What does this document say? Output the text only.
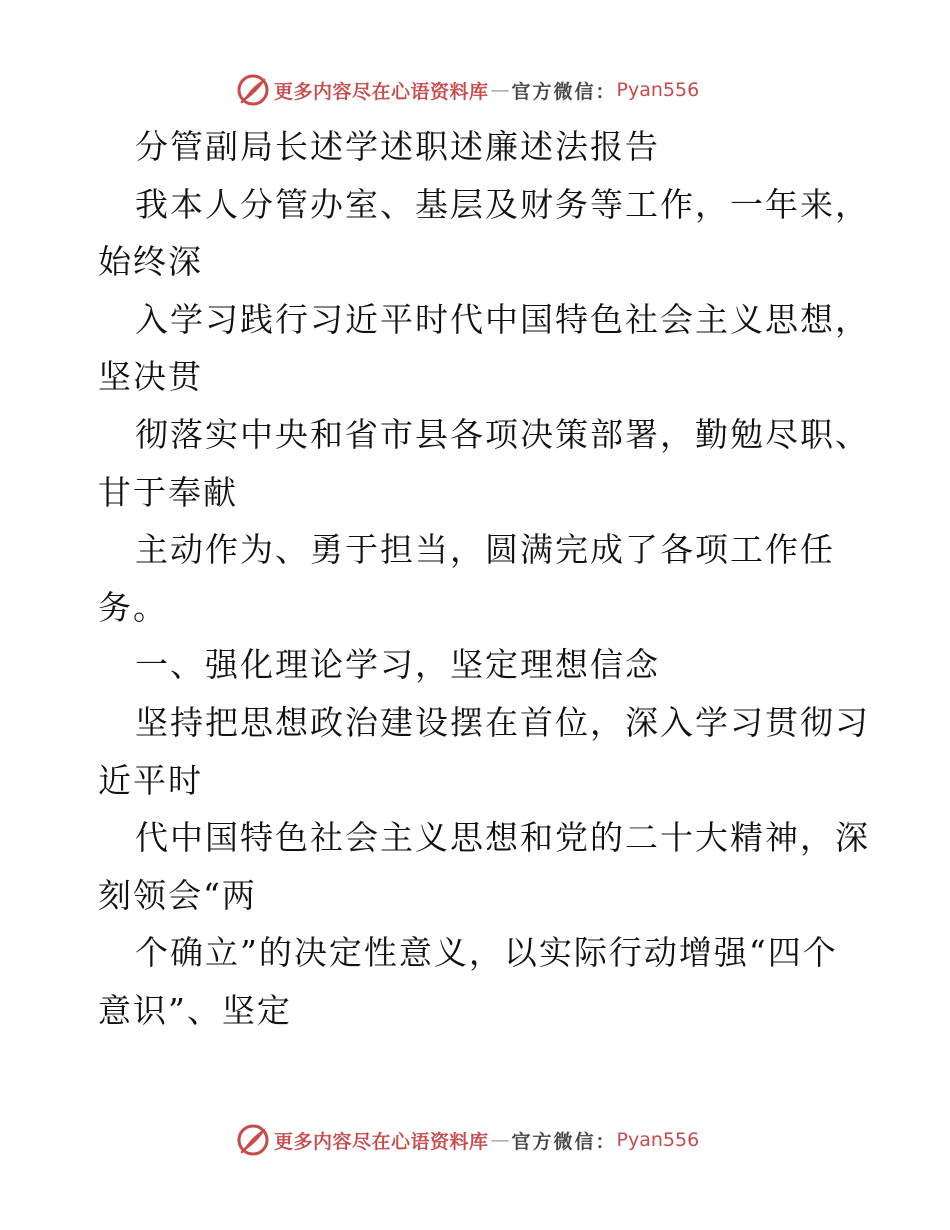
更多内容尽在心语资料库 — 官方微信： Pyan556
分管副局长述学述职述廉述法报告
我本人分管办室、基层及财务等工作，一年来，
始终深
入学习践行习近平时代中国特色社会主义思想，
坚决贯
彻落实中央和省市县各项决策部署，勤勉尽职、
甘于奉献
主动作为、勇于担当，圆满完成了各项工作任
务。
一、强化理论学习，坚定理想信念
坚持把思想政治建设摆在首位，深入学习贯彻习
近平时
代中国特色社会主义思想和党的二十大精神，深
刻领会“两
个确立”的决定性意义，以实际行动增强“四个
意识”、坚定
更多内容尽在心语资料库 — 官方微信： Pyan556
